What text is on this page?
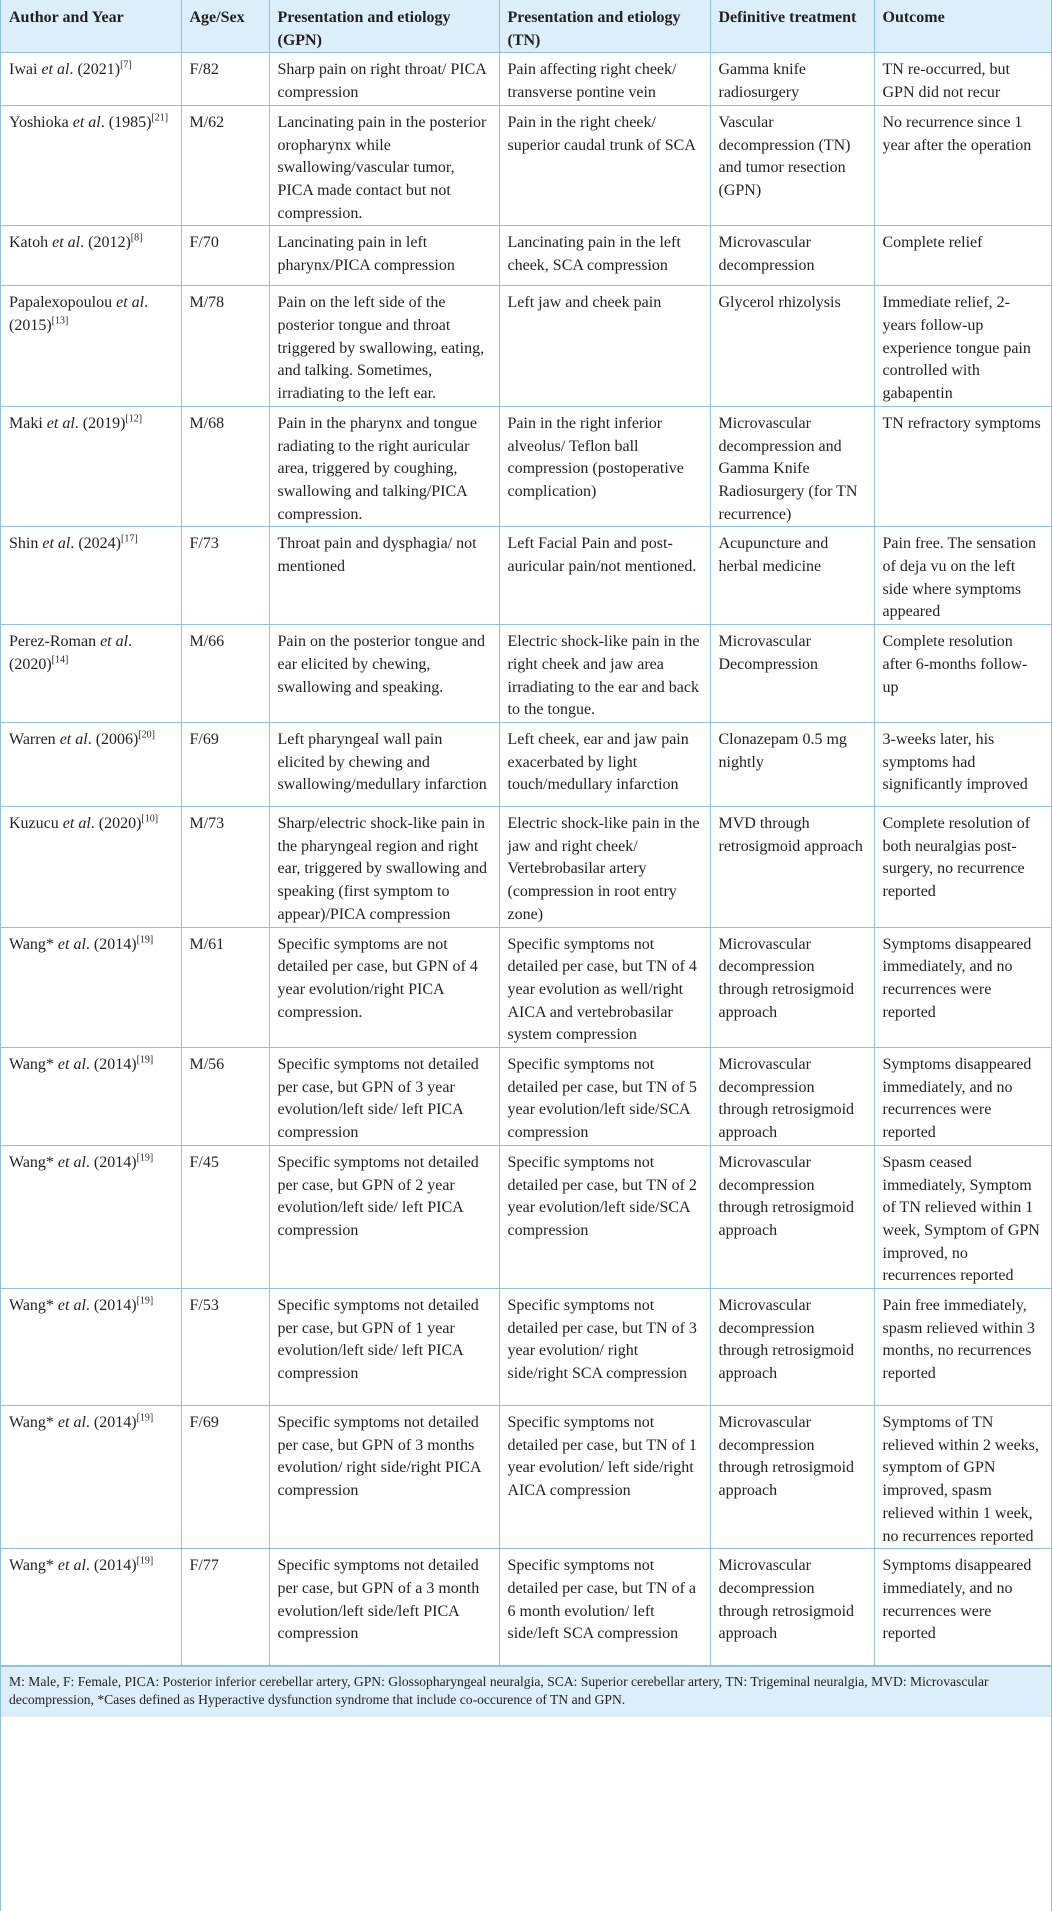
Author and Year	Age/Sex	Presentation and etiology (GPN)	Presentation and etiology (TN)	Definitive treatment	Outcome
Iwai et al. (2021)[7]	F/82	Sharp pain on right throat/ PICA compression	Pain affecting right cheek/ transverse pontine vein	Gamma knife radiosurgery	TN re-occurred, but GPN did not recur
Yoshioka et al. (1985)[21]	M/62	Lancinating pain in the posterior oropharynx while swallowing/vascular tumor, PICA made contact but not compression.	Pain in the right cheek/ superior caudal trunk of SCA	Vascular decompression (TN) and tumor resection (GPN)	No recurrence since 1 year after the operation
Katoh et al. (2012)[8]	F/70	Lancinating pain in left pharynx/PICA compression	Lancinating pain in the left cheek, SCA compression	Microvascular decompression	Complete relief
Papalexopoulou et al. (2015)[13]	M/78	Pain on the left side of the posterior tongue and throat triggered by swallowing, eating, and talking. Sometimes, irradiating to the left ear.	Left jaw and cheek pain	Glycerol rhizolysis	Immediate relief, 2-years follow-up experience tongue pain controlled with gabapentin
Maki et al. (2019)[12]	M/68	Pain in the pharynx and tongue radiating to the right auricular area, triggered by coughing, swallowing and talking/PICA compression.	Pain in the right inferior alveolus/ Teflon ball compression (postoperative complication)	Microvascular decompression and Gamma Knife Radiosurgery (for TN recurrence)	TN refractory symptoms
Shin et al. (2024)[17]	F/73	Throat pain and dysphagia/ not mentioned	Left Facial Pain and post-auricular pain/not mentioned.	Acupuncture and herbal medicine	Pain free. The sensation of deja vu on the left side where symptoms appeared
Perez-Roman et al. (2020)[14]	M/66	Pain on the posterior tongue and ear elicited by chewing, swallowing and speaking.	Electric shock-like pain in the right cheek and jaw area irradiating to the ear and back to the tongue.	Microvascular Decompression	Complete resolution after 6-months follow-up
Warren et al. (2006)[20]	F/69	Left pharyngeal wall pain elicited by chewing and swallowing/medullary infarction	Left cheek, ear and jaw pain exacerbated by light touch/medullary infarction	Clonazepam 0.5 mg nightly	3-weeks later, his symptoms had significantly improved
Kuzucu et al. (2020)[10]	M/73	Sharp/electric shock-like pain in the pharyngeal region and right ear, triggered by swallowing and speaking (first symptom to appear)/PICA compression	Electric shock-like pain in the jaw and right cheek/ Vertebrobasilar artery (compression in root entry zone)	MVD through retrosigmoid approach	Complete resolution of both neuralgias post-surgery, no recurrence reported
Wang* et al. (2014)[19]	M/61	Specific symptoms are not detailed per case, but GPN of 4 year evolution/right PICA compression.	Specific symptoms not detailed per case, but TN of 4 year evolution as well/right AICA and vertebrobasilar system compression	Microvascular decompression through retrosigmoid approach	Symptoms disappeared immediately, and no recurrences were reported
Wang* et al. (2014)[19]	M/56	Specific symptoms not detailed per case, but GPN of 3 year evolution/left side/ left PICA compression	Specific symptoms not detailed per case, but TN of 5 year evolution/left side/SCA compression	Microvascular decompression through retrosigmoid approach	Symptoms disappeared immediately, and no recurrences were reported
Wang* et al. (2014)[19]	F/45	Specific symptoms not detailed per case, but GPN of 2 year evolution/left side/ left PICA compression	Specific symptoms not detailed per case, but TN of 2 year evolution/left side/SCA compression	Microvascular decompression through retrosigmoid approach	Spasm ceased immediately, Symptom of TN relieved within 1 week, Symptom of GPN improved, no recurrences reported
Wang* et al. (2014)[19]	F/53	Specific symptoms not detailed per case, but GPN of 1 year evolution/left side/ left PICA compression	Specific symptoms not detailed per case, but TN of 3 year evolution/ right side/right SCA compression	Microvascular decompression through retrosigmoid approach	Pain free immediately, spasm relieved within 3 months, no recurrences reported
Wang* et al. (2014)[19]	F/69	Specific symptoms not detailed per case, but GPN of 3 months evolution/ right side/right PICA compression	Specific symptoms not detailed per case, but TN of 1 year evolution/ left side/right AICA compression	Microvascular decompression through retrosigmoid approach	Symptoms of TN relieved within 2 weeks, symptom of GPN improved, spasm relieved within 1 week, no recurrences reported
Wang* et al. (2014)[19]	F/77	Specific symptoms not detailed per case, but GPN of a 3 month evolution/left side/left PICA compression	Specific symptoms not detailed per case, but TN of a 6 month evolution/ left side/left SCA compression	Microvascular decompression through retrosigmoid approach	Symptoms disappeared immediately, and no recurrences were reported
M: Male, F: Female, PICA: Posterior inferior cerebellar artery, GPN: Glossopharyngeal neuralgia, SCA: Superior cerebellar artery, TN: Trigeminal neuralgia, MVD: Microvascular decompression, *Cases defined as Hyperactive dysfunction syndrome that include co-occurence of TN and GPN.
